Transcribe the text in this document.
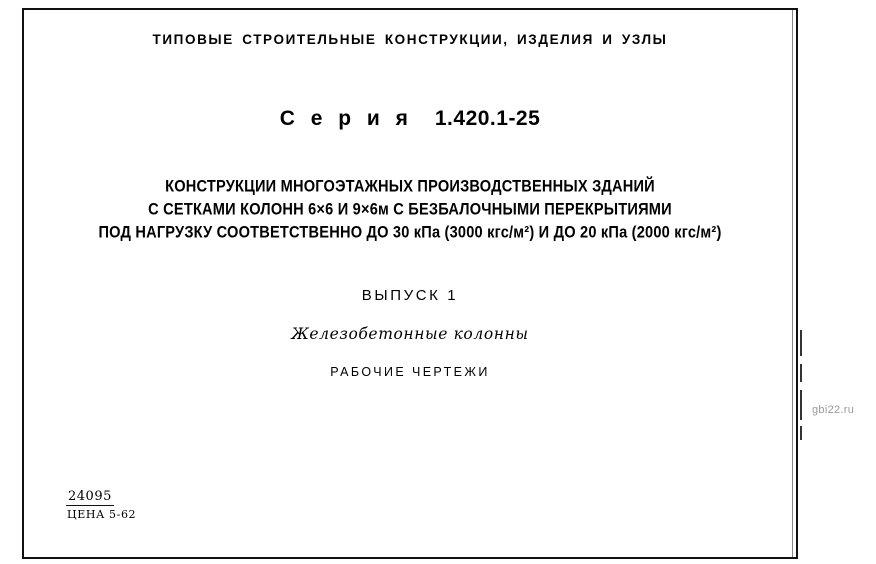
ТИПОВЫЕ СТРОИТЕЛЬНЫЕ КОНСТРУКЦИИ, ИЗДЕЛИЯ И УЗЛЫ
С е р и я 1.420.1-25
КОНСТРУКЦИИ МНОГОЭТАЖНЫХ ПРОИЗВОДСТВЕННЫХ ЗДАНИЙ
С СЕТКАМИ КОЛОНН 6×6 И 9×6м С БЕЗБАЛОЧНЫМИ ПЕРЕКРЫТИЯМИ
ПОД НАГРУЗКУ СООТВЕТСТВЕННО ДО 30 кПа (3000 кгс/м²) И ДО 20 кПа (2000 кгс/м²)
ВЫПУСК 1
Железобетонные колонны
РАБОЧИЕ ЧЕРТЕЖИ
24095
ЦЕНА 5-62
gbi22.ru
